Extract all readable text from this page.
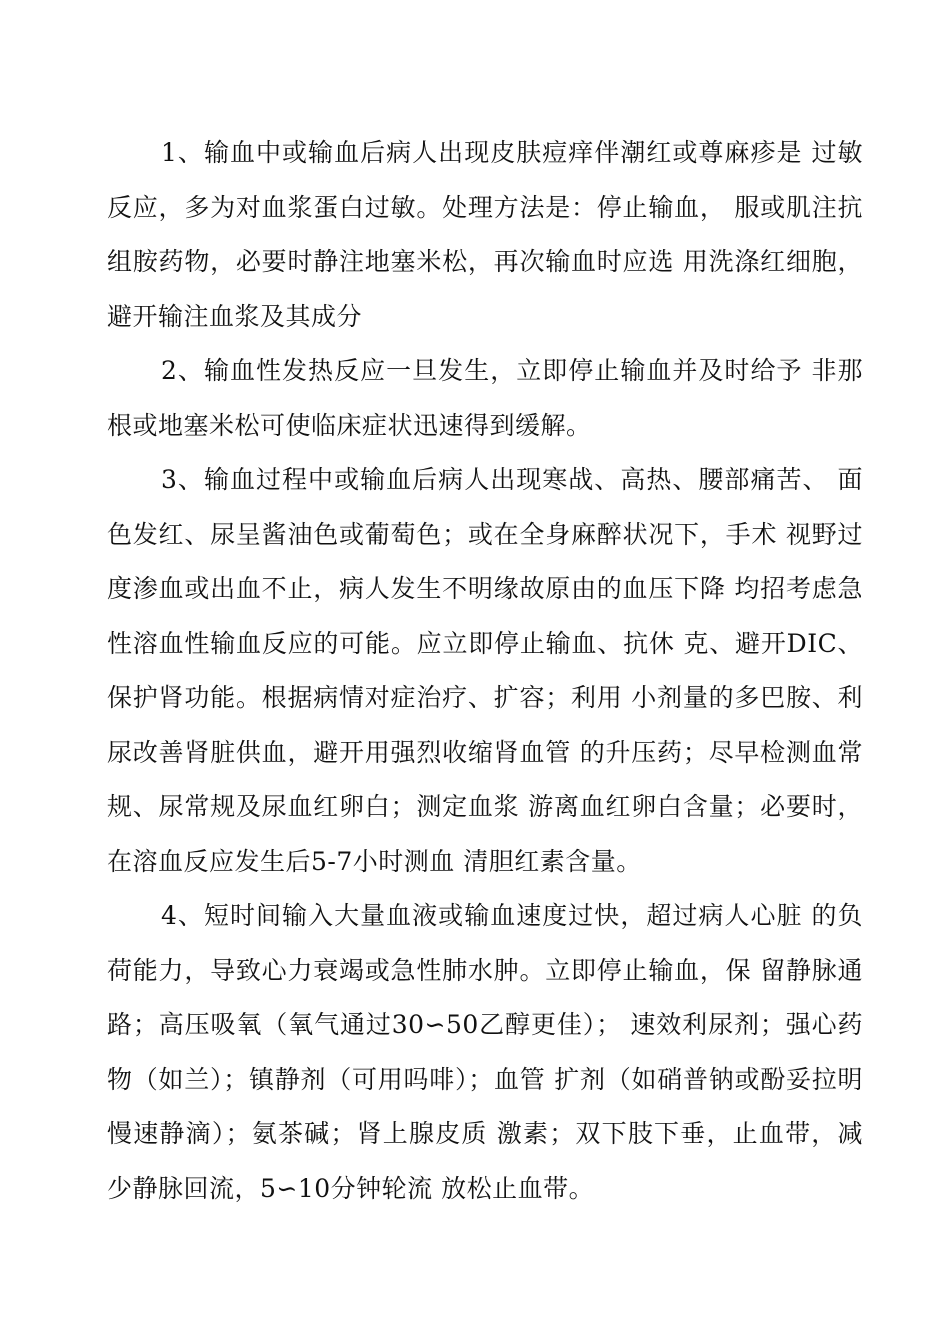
1、输血中或输血后病人出现皮肤痘痒伴潮红或尊麻疹是 过敏反应，多为对血浆蛋白过敏。处理方法是：停止输血， 服或肌注抗组胺药物，必要时静注地塞米松，再次输血时应选 用洗涤红细胞，避开输注血浆及其成分

2、输血性发热反应一旦发生，立即停止输血并及时给予 非那根或地塞米松可使临床症状迅速得到缓解。

3、输血过程中或输血后病人出现寒战、高热、腰部痛苦、 面色发红、尿呈酱油色或葡萄色；或在全身麻醉状况下，手术 视野过度渗血或出血不止，病人发生不明缘故原由的血压下降 均招考虑急性溶血性输血反应的可能。应立即停止输血、抗休 克、避开DIC、保护肾功能。根据病情对症治疗、扩容；利用 小剂量的多巴胺、利尿改善肾脏供血，避开用强烈收缩肾血管 的升压药；尽早检测血常规、尿常规及尿血红卵白；测定血浆 游离血红卵白含量；必要时，在溶血反应发生后5-7小时测血 清胆红素含量。

4、短时间输入大量血液或输血速度过快，超过病人心脏 的负荷能力，导致心力衰竭或急性肺水肿。立即停止输血，保 留静脉通路；高压吸氧（氧气通过30∽50乙醇更佳）； 速效利尿剂；强心药物（如兰）；镇静剂（可用吗啡）；血管 扩剂（如硝普钠或酚妥拉明慢速静滴）；氨茶碱；肾上腺皮质 激素；双下肢下垂，止血带，减少静脉回流，5∽10分钟轮流 放松止血带。
